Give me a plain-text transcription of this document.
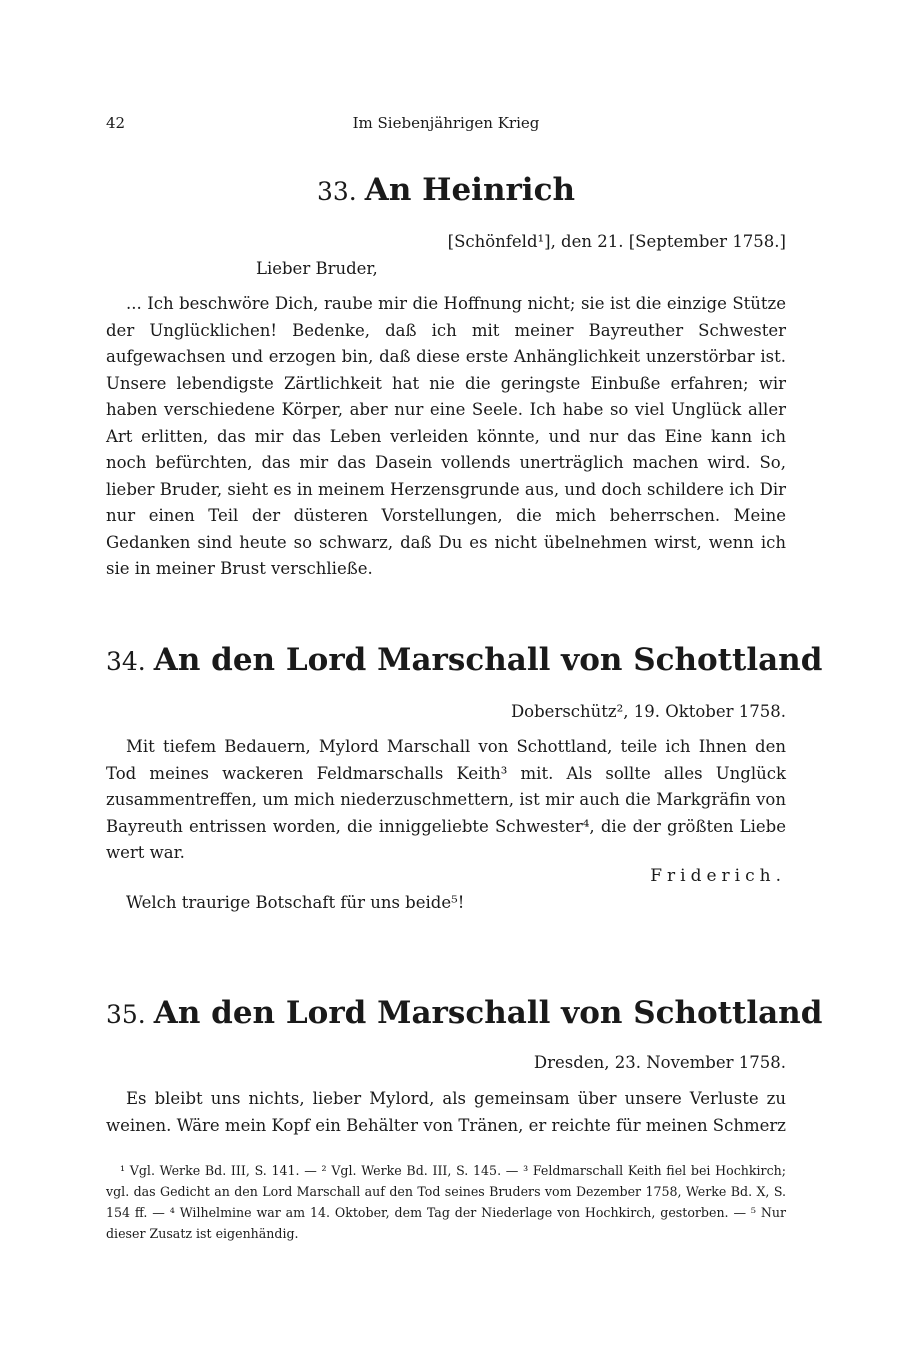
42	Im Siebenjährigen Krieg
33. An Heinrich
[Schönfeld¹], den 21. [September 1758.]
Lieber Bruder,
... Ich beschwöre Dich, raube mir die Hoffnung nicht; sie ist die einzige Stütze der Unglücklichen! Bedenke, daß ich mit meiner Bayreuther Schwester aufgewachsen und erzogen bin, daß diese erste Anhänglichkeit unzerstörbar ist. Unsere lebendigste Zärtlichkeit hat nie die geringste Einbuße erfahren; wir haben verschiedene Körper, aber nur eine Seele. Ich habe so viel Unglück aller Art erlitten, das mir das Leben verleiden könnte, und nur das Eine kann ich noch befürchten, das mir das Dasein vollends unerträglich machen wird. So, lieber Bruder, sieht es in meinem Herzensgrunde aus, und doch schildere ich Dir nur einen Teil der düsteren Vorstellungen, die mich beherrschen. Meine Gedanken sind heute so schwarz, daß Du es nicht übelnehmen wirst, wenn ich sie in meiner Brust verschließe.
34. An den Lord Marschall von Schottland
Doberschütz², 19. Oktober 1758.
Mit tiefem Bedauern, Mylord Marschall von Schottland, teile ich Ihnen den Tod meines wackeren Feldmarschalls Keith³ mit. Als sollte alles Unglück zusammentreffen, um mich niederzuschmettern, ist mir auch die Markgräfin von Bayreuth entrissen worden, die inniggeliebte Schwester⁴, die der größten Liebe wert war.
Friderich.
Welch traurige Botschaft für uns beide⁵!
35. An den Lord Marschall von Schottland
Dresden, 23. November 1758.
Es bleibt uns nichts, lieber Mylord, als gemeinsam über unsere Verluste zu weinen. Wäre mein Kopf ein Behälter von Tränen, er reichte für meinen Schmerz
¹ Vgl. Werke Bd. III, S. 141. — ² Vgl. Werke Bd. III, S. 145. — ³ Feldmarschall Keith fiel bei Hochkirch; vgl. das Gedicht an den Lord Marschall auf den Tod seines Bruders vom Dezember 1758, Werke Bd. X, S. 154 ff. — ⁴ Wilhelmine war am 14. Oktober, dem Tag der Niederlage von Hochkirch, gestorben. — ⁵ Nur dieser Zusatz ist eigenhändig.
